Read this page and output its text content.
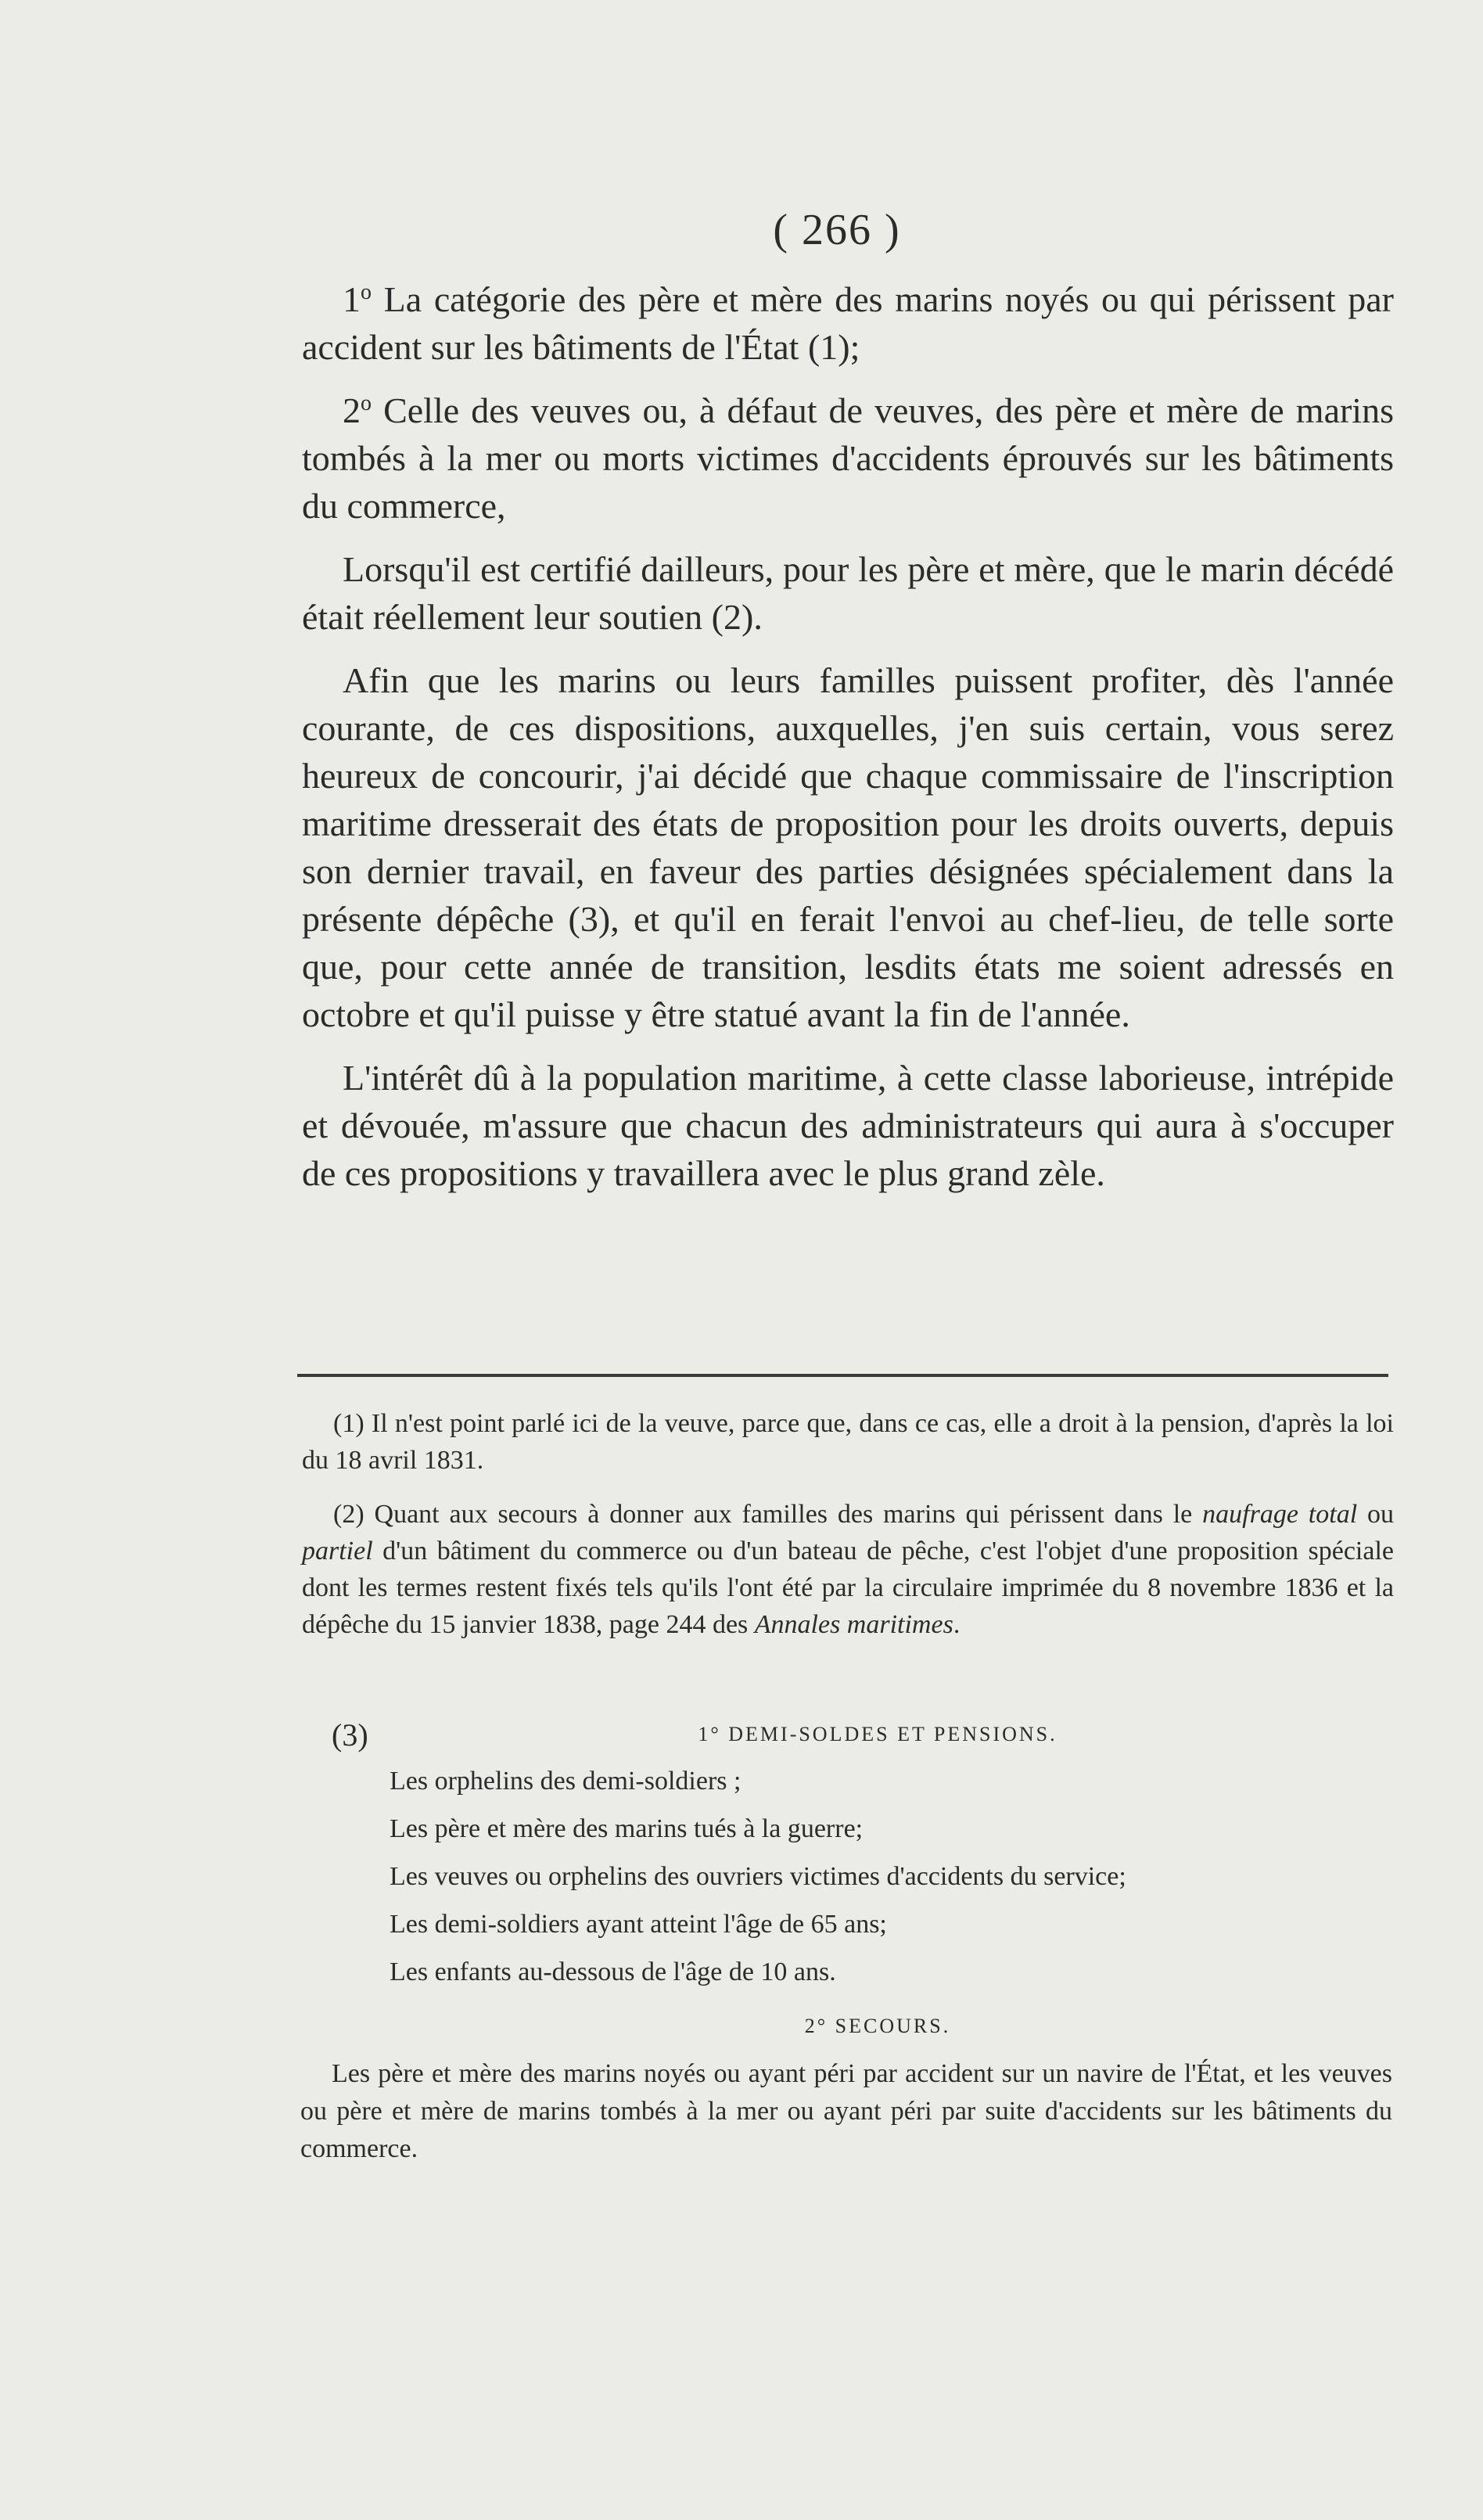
( 266 )

1$^o$ La catégorie des père et mère des marins noyés ou qui périssent par accident sur les bâtiments de l'État (1);

2$^o$ Celle des veuves ou, à défaut de veuves, des père et mère de marins tombés à la mer ou morts victimes d'accidents éprouvés sur les bâtiments du commerce,

Lorsqu'il est certifié dailleurs, pour les père et mère, que le marin décédé était réellement leur soutien (2).

Afin que les marins ou leurs familles puissent profiter, dès l'année courante, de ces dispositions, auxquelles, j'en suis certain, vous serez heureux de concourir, j'ai décidé que chaque commissaire de l'inscription maritime dresserait des états de proposition pour les droits ouverts, depuis son dernier travail, en faveur des parties désignées spécialement dans la présente dépêche (3), et qu'il en ferait l'envoi au chef-lieu, de telle sorte que, pour cette année de transition, lesdits états me soient adressés en octobre et qu'il puisse y être statué avant la fin de l'année.

L'intérêt dû à la population maritime, à cette classe laborieuse, intrépide et dévouée, m'assure que chacun des administrateurs qui aura à s'occuper de ces propositions y travaillera avec le plus grand zèle.

(1) Il n'est point parlé ici de la veuve, parce que, dans ce cas, elle a droit à la pension, d'après la loi du 18 avril 1831.

(2) Quant aux secours à donner aux familles des marins qui périssent dans le naufrage total ou partiel d'un bâtiment du commerce ou d'un bateau de pêche, c'est l'objet d'une proposition spéciale dont les termes restent fixés tels qu'ils l'ont été par la circulaire imprimée du 8 novembre 1836 et la dépêche du 15 janvier 1838, page 244 des Annales maritimes.

(3)	1° DEMI-SOLDES ET PENSIONS.
Les orphelins des demi-soldiers ;
Les père et mère des marins tués à la guerre;
Les veuves ou orphelins des ouvriers victimes d'accidents du service;
Les demi-soldiers ayant atteint l'âge de 65 ans;
Les enfants au-dessous de l'âge de 10 ans.
2° SECOURS.

Les père et mère des marins noyés ou ayant péri par accident sur un navire de l'État, et les veuves ou père et mère de marins tombés à la mer ou ayant péri par suite d'accidents sur les bâtiments du commerce.
